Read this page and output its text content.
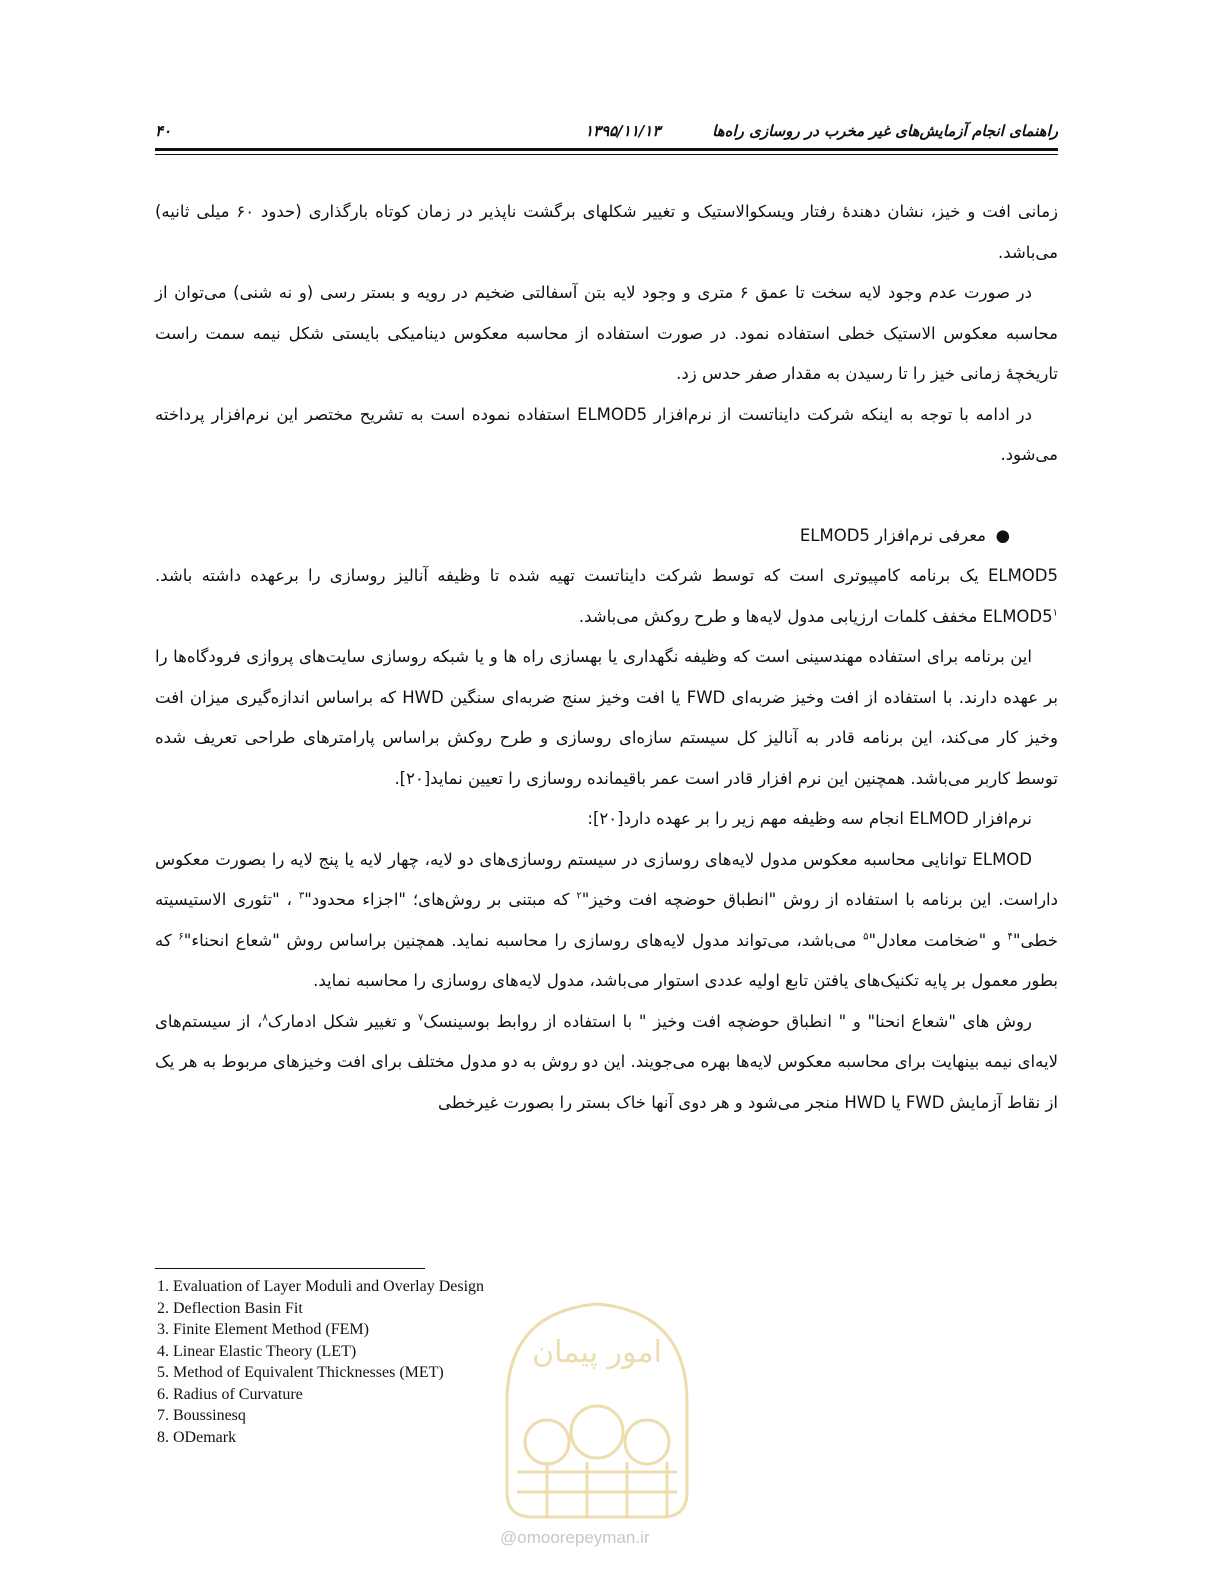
راهنمای انجام آزمایش‌های غیر مخرب در روسازی راه‌ها
۱۳۹۵/۱۱/۱۳
۴۰

زمانی افت و خیز، نشان دهندۀ رفتار ویسکوالاستیک و تغییر شکلهای برگشت ناپذیر در زمان کوتاه بارگذاری (حدود ۶۰ میلی ثانیه) می‌باشد.

در صورت عدم وجود لایه سخت تا عمق ۶ متری و وجود لایه بتن آسفالتی ضخیم در رویه و بستر رسی (و نه شنی) می‌توان از محاسبه معکوس الاستیک خطی استفاده نمود. در صورت استفاده از محاسبه معکوس دینامیکی بایستی شکل نیمه سمت راست تاریخچۀ زمانی خیز را تا رسیدن به مقدار صفر حدس زد.

در ادامه با توجه به اینکه شرکت دایناتست از نرم‌افزار ELMOD5 استفاده نموده است به تشریح مختصر این نرم‌افزار پرداخته می‌شود.

●
معرفی نرم‌افزار ELMOD5

ELMOD5 یک برنامه کامپیوتری است که توسط شرکت دایناتست تهیه شده تا وظیفه آنالیز روسازی را برعهده داشته باشد. $ELMOD5^۱$ مخفف کلمات ارزیابی مدول لایه‌ها و طرح روکش می‌باشد.

این برنامه برای استفاده مهندسینی است که وظیفه نگهداری یا بهسازی راه ها و یا شبکه روسازی سایت‌های پروازی فرودگاه‌ها را بر عهده دارند. با استفاده از افت وخیز ضربه‌ای FWD یا افت وخیز سنج ضربه‌ای سنگین HWD که براساس اندازه‌گیری میزان افت وخیز کار می‌کند، این برنامه قادر به آنالیز کل سیستم سازه‌ای روسازی و طرح روکش براساس پارامترهای طراحی تعریف شده توسط کاربر می‌باشد. همچنین این نرم افزار قادر است عمر باقیمانده روسازی را تعیین نماید[۲۰].

نرم‌افزار ELMOD انجام سه وظیفه مهم زیر را بر عهده دارد[۲۰]:

ELMOD توانایی محاسبه معکوس مدول لایه‌های روسازی در سیستم روسازی‌های دو لایه، چهار لایه یا پنج لایه را بصورت معکوس داراست. این برنامه با استفاده از روش "انطباق حوضچه افت وخیز"$^۲$ که مبتنی بر روش‌های؛ "اجزاء محدود"$^۳$ ، "تئوری الاستیسیته خطی"$^۴$ و "ضخامت معادل"$^۵$ می‌باشد، می‌تواند مدول لایه‌های روسازی را محاسبه نماید. همچنین براساس روش "شعاع انحناء"$^۶$ که بطور معمول بر پایه تکنیک‌های یافتن تابع اولیه عددی استوار می‌باشد، مدول لایه‌های روسازی را محاسبه نماید.

روش های "شعاع انحنا" و " انطباق حوضچه افت وخیز " با استفاده از روابط بوسینسک$^۷$ و تغییر شکل ادمارک$^۸$، از سیستم‌های لایه‌ای نیمه بینهایت برای محاسبه معکوس لایه‌ها بهره می‌جویند. این دو روش به دو مدول مختلف برای افت وخیزهای مربوط به هر یک از نقاط آزمایش FWD یا HWD منجر می‌شود و هر دوی آنها خاک بستر را بصورت غیرخطی

امور پیمان
1. Evaluation of Layer Moduli and Overlay Design
2. Deflection Basin Fit
3. Finite Element Method (FEM)
4. Linear Elastic Theory (LET)
5. Method of Equivalent Thicknesses (MET)
6. Radius of Curvature
7. Boussinesq
8. ODemark
@omoorepeyman.ir
